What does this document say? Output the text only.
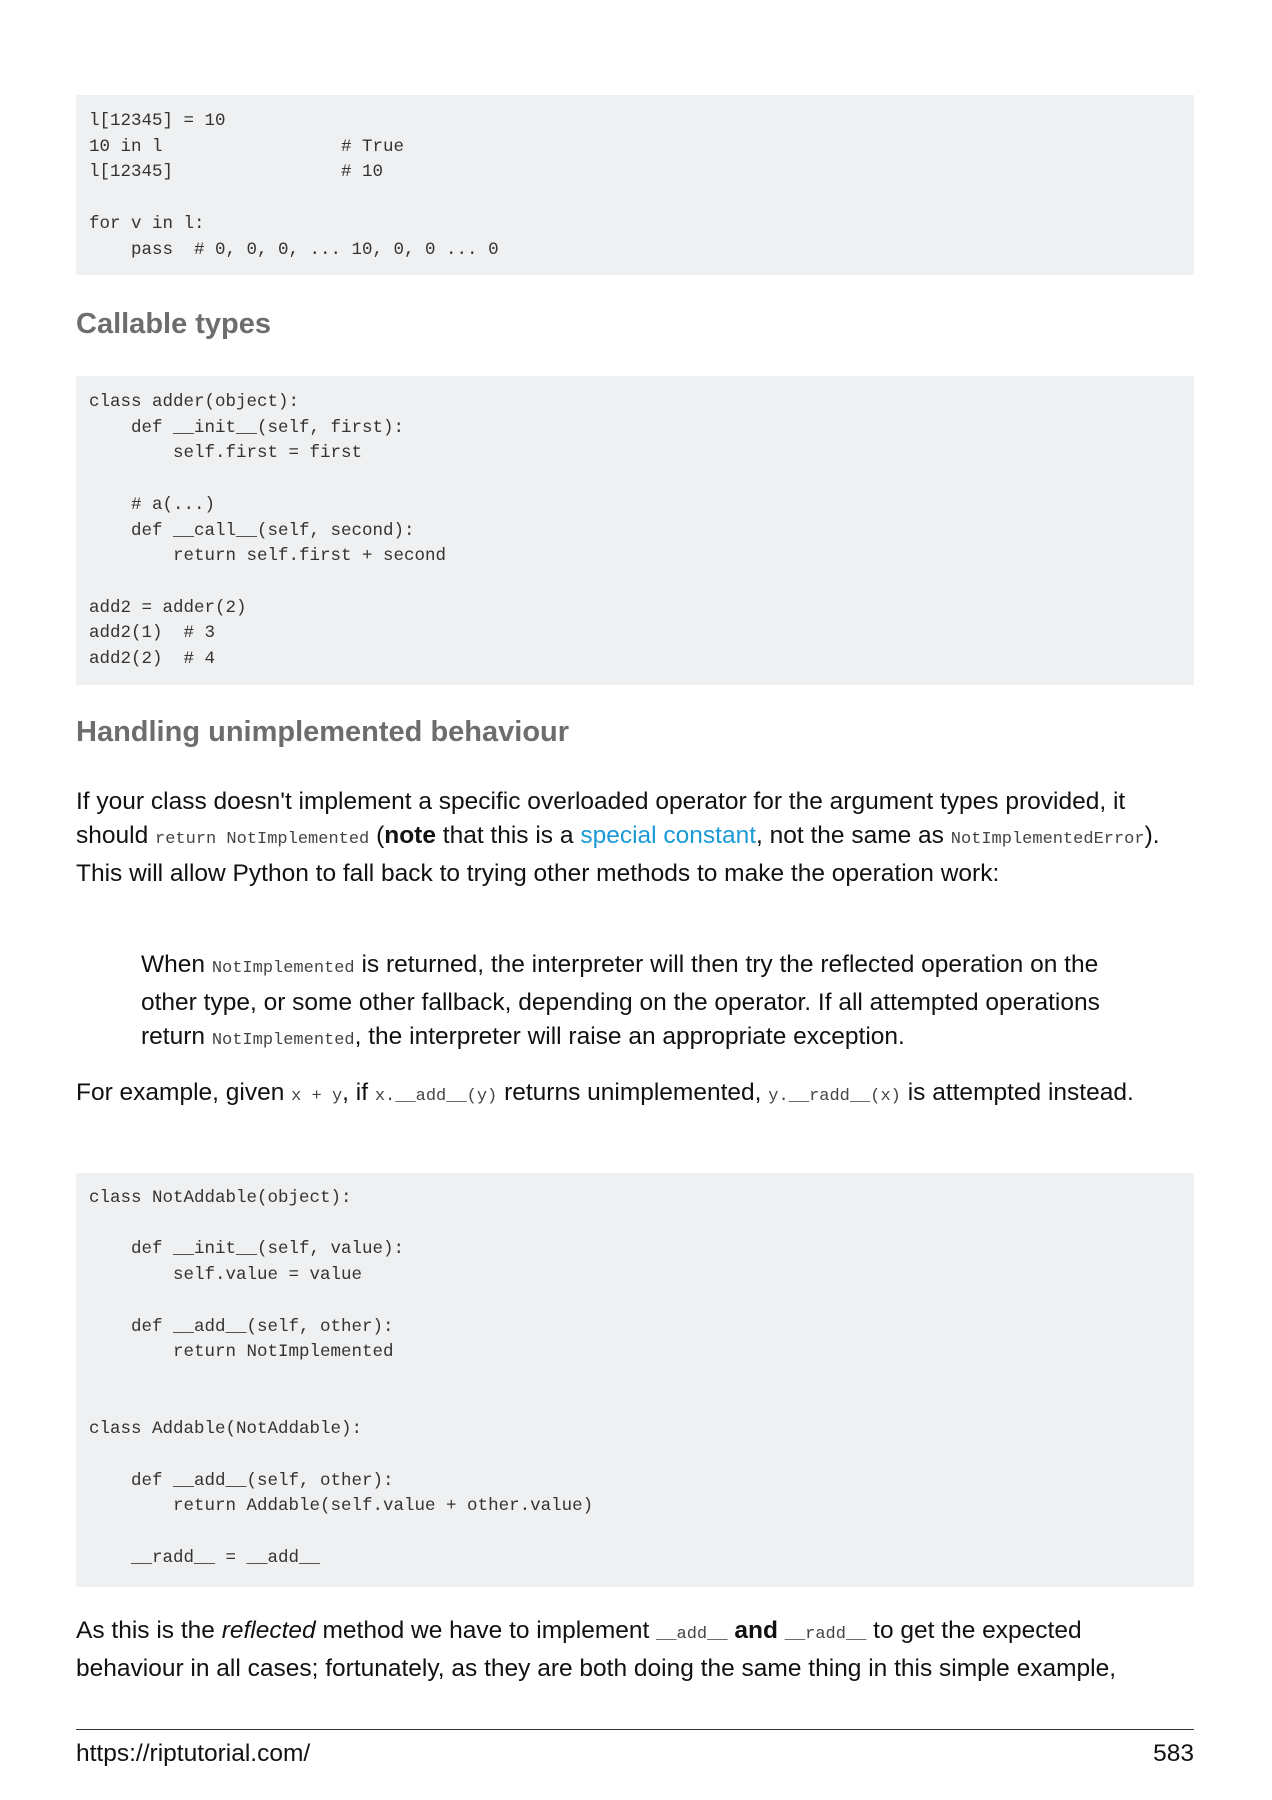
l[12345] = 10
10 in l                 # True
l[12345]                # 10

for v in l:
pass  # 0, 0, 0, ... 10, 0, 0 ... 0
Callable types
class adder(object):
def __init__(self, first):
self.first = first

# a(...)
def __call__(self, second):
return self.first + second

add2 = adder(2)
add2(1)  # 3
add2(2)  # 4
Handling unimplemented behaviour

If your class doesn't implement a specific overloaded operator for the argument types provided, it should return NotImplemented (note that this is a special constant, not the same as NotImplementedError). This will allow Python to fall back to trying other methods to make the operation work:

When NotImplemented is returned, the interpreter will then try the reflected operation on the other type, or some other fallback, depending on the operator. If all attempted operations return NotImplemented, the interpreter will raise an appropriate exception.

For example, given x + y, if x.__add__(y) returns unimplemented, y.__radd__(x) is attempted instead.

class NotAddable(object):

def __init__(self, value):
self.value = value

def __add__(self, other):
return NotImplemented

class Addable(NotAddable):

def __add__(self, other):
return Addable(self.value + other.value)

__radd__ = __add__

As this is the reflected method we have to implement __add__ and __radd__ to get the expected behaviour in all cases; fortunately, as they are both doing the same thing in this simple example,

https://riptutorial.com/	583
